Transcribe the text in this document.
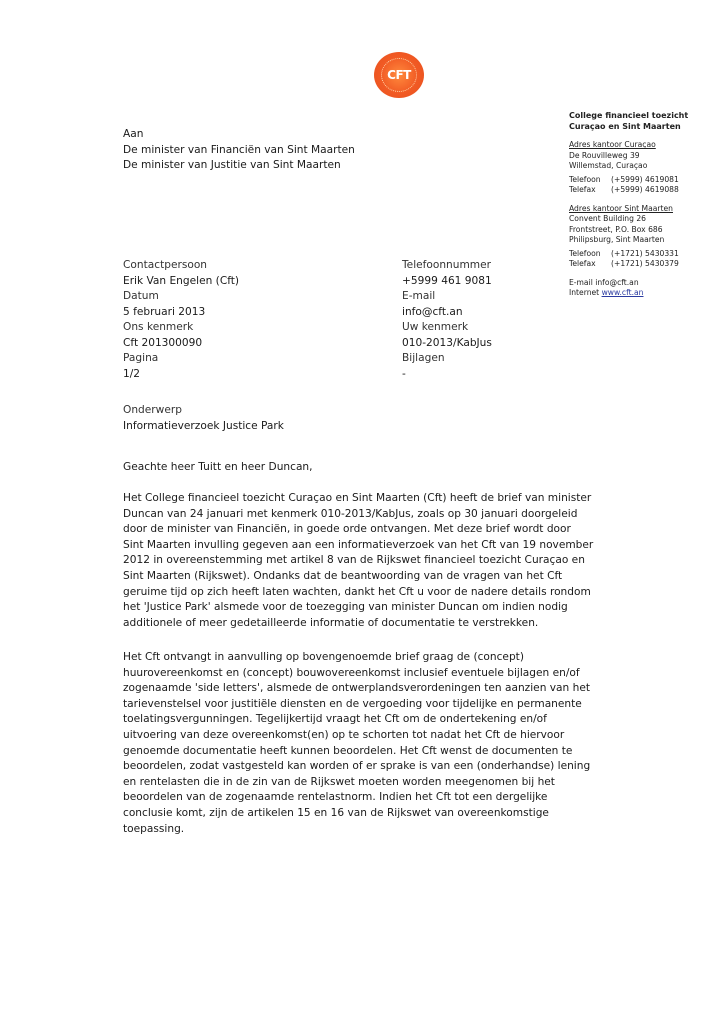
CFT
College financieel toezicht
Curaçao en Sint Maarten
Adres kantoor Curaçao
De Rouvilleweg 39
Willemstad, Curaçao
Telefoon	(+5999) 4619081
Telefax	(+5999) 4619088
Adres kantoor Sint Maarten
Convent Building 26
Frontstreet, P.O. Box 686
Philipsburg, Sint Maarten
Telefoon	(+1721) 5430331
Telefax	(+1721) 5430379
E-mail info@cft.an
Internet www.cft.an
Aan
De minister van Financiën van Sint Maarten
De minister van Justitie van Sint Maarten
Contactpersoon
Erik Van Engelen (Cft)
Datum
5 februari 2013
Ons kenmerk
Cft 201300090
Pagina
1/2
Telefoonnummer
+5999 461 9081
E-mail
info@cft.an
Uw kenmerk
010-2013/KabJus
Bijlagen
-
Onderwerp
Informatieverzoek Justice Park
Geachte heer Tuitt en heer Duncan,

Het College financieel toezicht Curaçao en Sint Maarten (Cft) heeft de brief van minister
Duncan van 24 januari met kenmerk 010-2013/KabJus, zoals op 30 januari doorgeleid
door de minister van Financiën, in goede orde ontvangen. Met deze brief wordt door
Sint Maarten invulling gegeven aan een informatieverzoek van het Cft van 19 november
2012 in overeenstemming met artikel 8 van de Rijkswet financieel toezicht Curaçao en
Sint Maarten (Rijkswet). Ondanks dat de beantwoording van de vragen van het Cft
geruime tijd op zich heeft laten wachten, dankt het Cft u voor de nadere details rondom
het 'Justice Park' alsmede voor de toezegging van minister Duncan om indien nodig
additionele of meer gedetailleerde informatie of documentatie te verstrekken.

Het Cft ontvangt in aanvulling op bovengenoemde brief graag de (concept)
huurovereenkomst en (concept) bouwovereenkomst inclusief eventuele bijlagen en/of
zogenaamde 'side letters', alsmede de ontwerplandsverordeningen ten aanzien van het
tarievenstelsel voor justitiële diensten en de vergoeding voor tijdelijke en permanente
toelatingsvergunningen. Tegelijkertijd vraagt het Cft om de ondertekening en/of
uitvoering van deze overeenkomst(en) op te schorten tot nadat het Cft de hiervoor
genoemde documentatie heeft kunnen beoordelen. Het Cft wenst de documenten te
beoordelen, zodat vastgesteld kan worden of er sprake is van een (onderhandse) lening
en rentelasten die in de zin van de Rijkswet moeten worden meegenomen bij het
beoordelen van de zogenaamde rentelastnorm. Indien het Cft tot een dergelijke
conclusie komt, zijn de artikelen 15 en 16 van de Rijkswet van overeenkomstige
toepassing.
